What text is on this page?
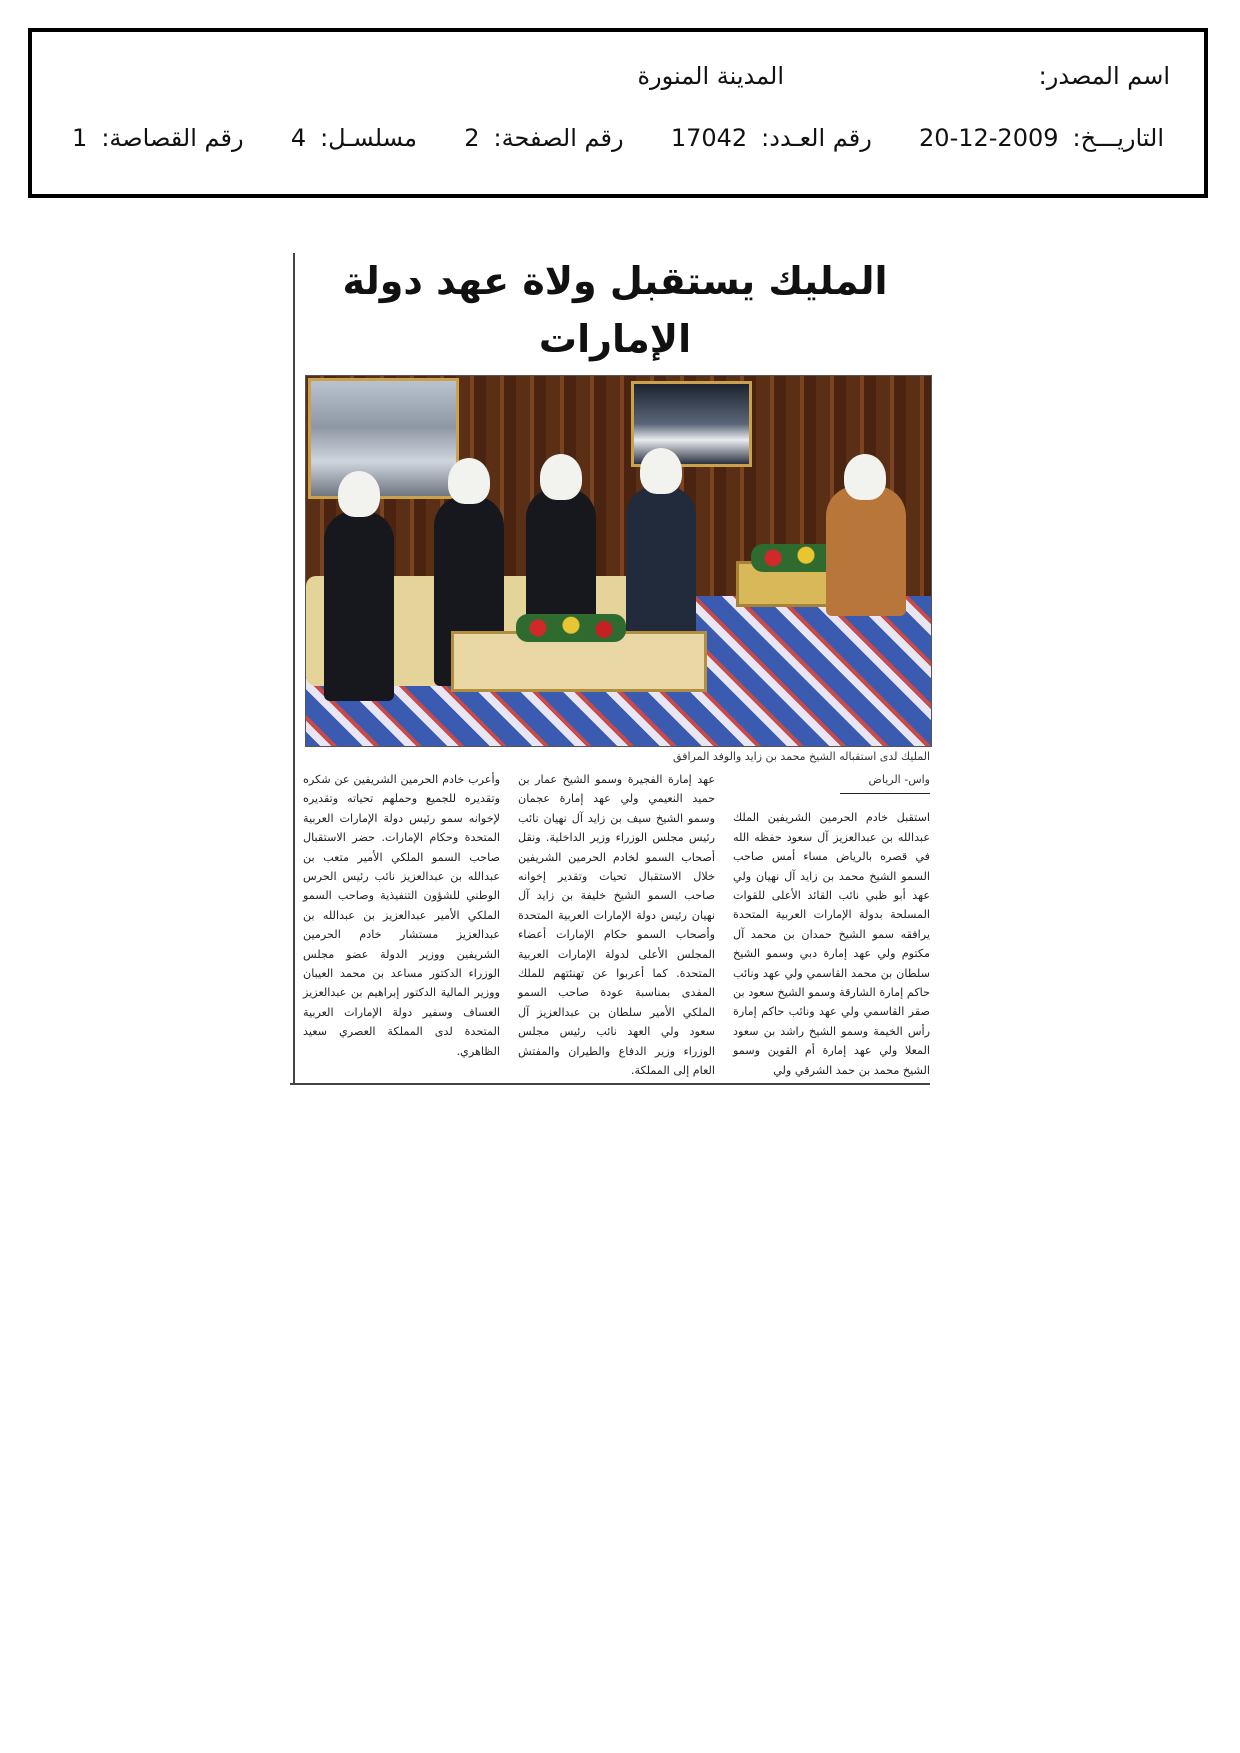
اسم المصدر:
المدينة المنورة
التاريـــخ:
20-12-2009
رقم العـدد:
17042
رقم الصفحة:
2
مسلسـل:
4
رقم القصاصة:
1
المليك يستقبل ولاة عهد دولة الإمارات
المليك لدى استقباله الشيخ محمد بن زايد والوفد المرافق
واس- الرياض
استقبل خادم الحرمين الشريفين الملك عبدالله بن عبدالعزيز آل سعود حفظه الله في قصره بالرياض مساء أمس صاحب السمو الشيخ محمد بن زايد آل نهيان ولي عهد أبو ظبي نائب القائد الأعلى للقوات المسلحة بدولة الإمارات العربية المتحدة يرافقه سمو الشيخ حمدان بن محمد آل مكتوم ولي عهد إمارة دبي وسمو الشيخ سلطان بن محمد القاسمي ولي عهد ونائب حاكم إمارة الشارقة وسمو الشيخ سعود بن صقر القاسمي ولي عهد ونائب حاكم إمارة رأس الخيمة وسمو الشيخ راشد بن سعود المعلا ولي عهد إمارة أم القوين وسمو الشيخ محمد بن حمد الشرقي ولي
عهد إمارة الفجيرة وسمو الشيخ عمار بن حميد النعيمي ولي عهد إمارة عجمان وسمو الشيخ سيف بن زايد آل نهيان نائب رئيس مجلس الوزراء وزير الداخلية. ونقل أصحاب السمو لخادم الحرمين الشريفين خلال الاستقبال تحيات وتقدير إخوانه صاحب السمو الشيخ خليفة بن زايد آل نهيان رئيس دولة الإمارات العربية المتحدة وأصحاب السمو حكام الإمارات أعضاء المجلس الأعلى لدولة الإمارات العربية المتحدة. كما أعربوا عن تهنئتهم للملك المفدى بمناسبة عودة صاحب السمو الملكي الأمير سلطان بن عبدالعزيز آل سعود ولي العهد نائب رئيس مجلس الوزراء وزير الدفاع والطيران والمفتش العام إلى المملكة.
وأعرب خادم الحرمين الشريفين عن شكره وتقديره للجميع وحملهم تحياته وتقديره لإخوانه سمو رئيس دولة الإمارات العربية المتحدة وحكام الإمارات. حضر الاستقبال صاحب السمو الملكي الأمير متعب بن عبدالله بن عبدالعزيز نائب رئيس الحرس الوطني للشؤون التنفيذية وصاحب السمو الملكي الأمير عبدالعزيز بن عبدالله بن عبدالعزيز مستشار خادم الحرمين الشريفين ووزير الدولة عضو مجلس الوزراء الدكتور مساعد بن محمد العيبان ووزير المالية الدكتور إبراهيم بن عبدالعزيز العساف وسفير دولة الإمارات العربية المتحدة لدى المملكة العصري سعيد الظاهري.
